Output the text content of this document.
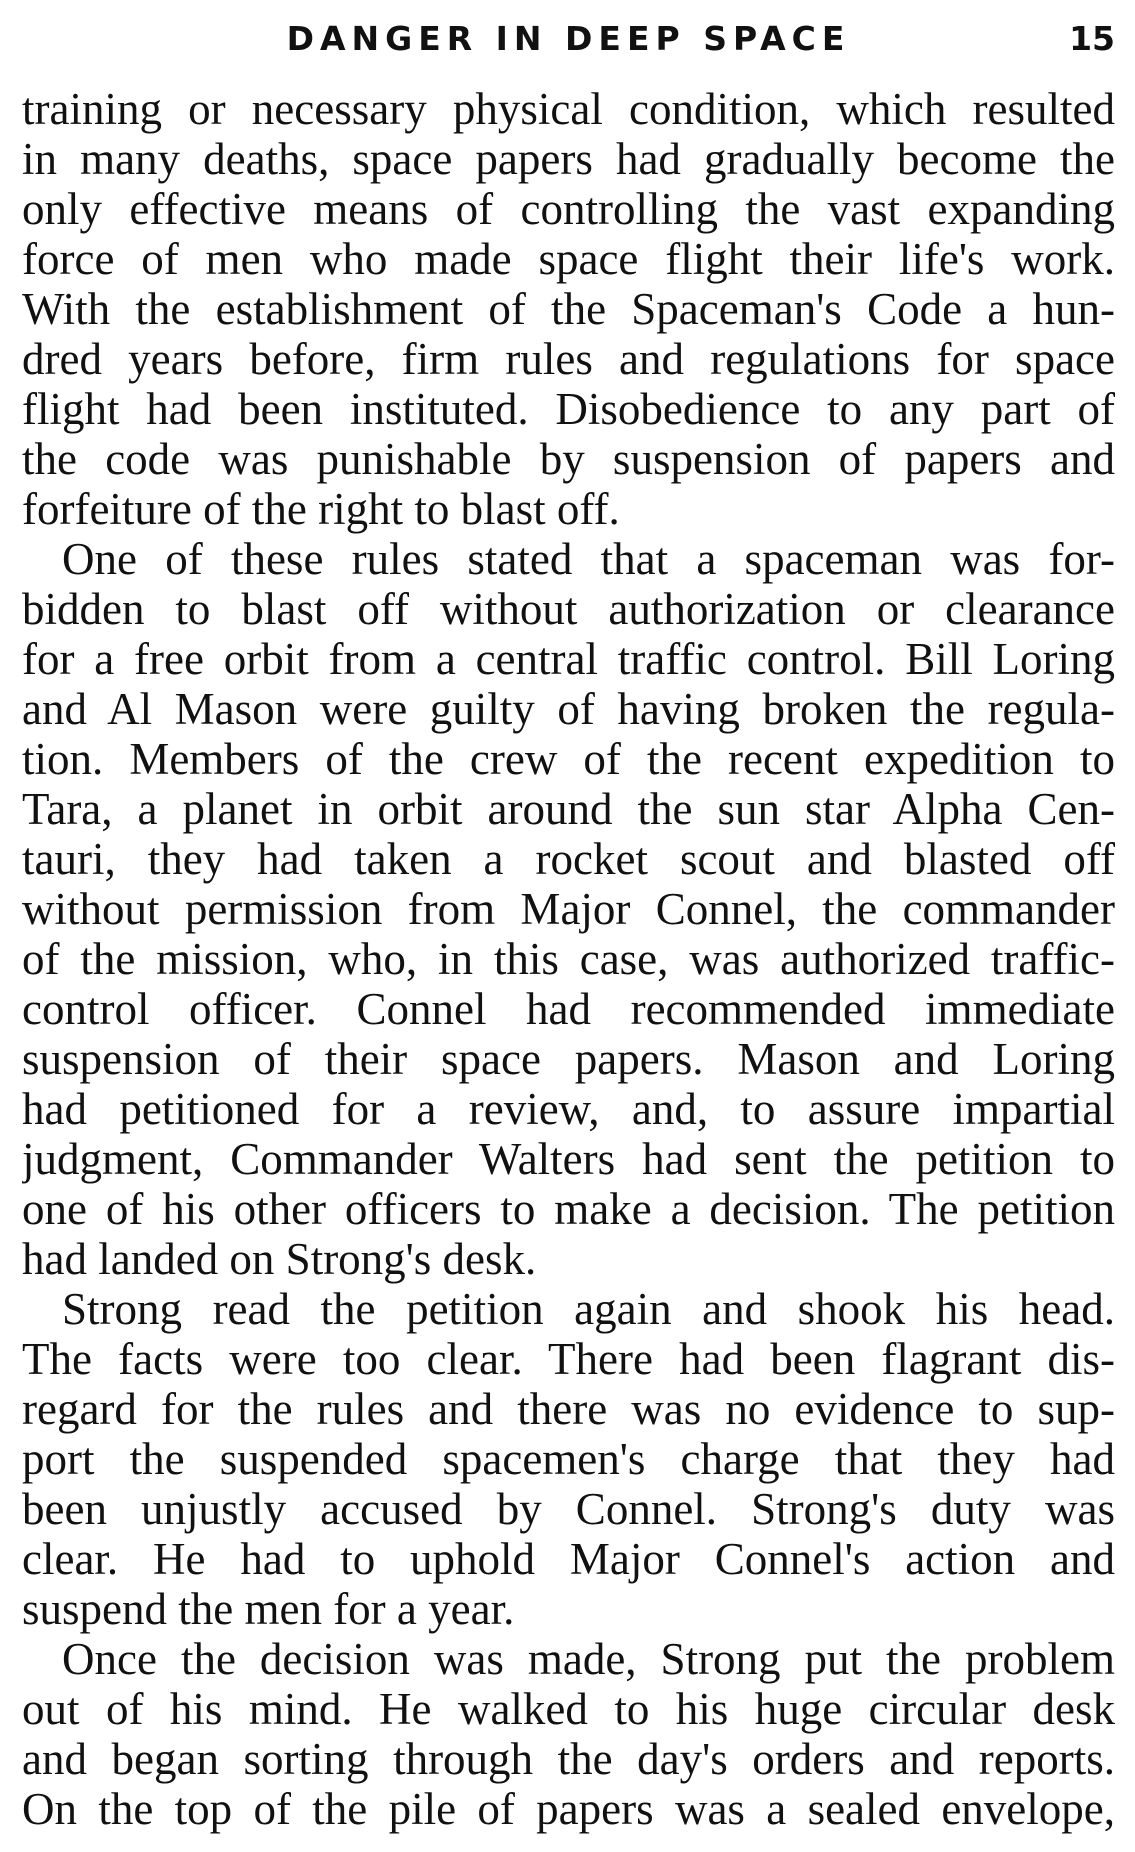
DANGER IN DEEP SPACE	15
training or necessary physical condition, which resulted
in many deaths, space papers had gradually become the
only effective means of controlling the vast expanding
force of men who made space flight their life's work.
With the establishment of the Spaceman's Code a hun-
dred years before, firm rules and regulations for space
flight had been instituted. Disobedience to any part of
the code was punishable by suspension of papers and
forfeiture of the right to blast off.
One of these rules stated that a spaceman was for-
bidden to blast off without authorization or clearance
for a free orbit from a central traffic control. Bill Loring
and Al Mason were guilty of having broken the regula-
tion. Members of the crew of the recent expedition to
Tara, a planet in orbit around the sun star Alpha Cen-
tauri, they had taken a rocket scout and blasted off
without permission from Major Connel, the commander
of the mission, who, in this case, was authorized traffic-
control officer. Connel had recommended immediate
suspension of their space papers. Mason and Loring
had petitioned for a review, and, to assure impartial
judgment, Commander Walters had sent the petition to
one of his other officers to make a decision. The petition
had landed on Strong's desk.
Strong read the petition again and shook his head.
The facts were too clear. There had been flagrant dis-
regard for the rules and there was no evidence to sup-
port the suspended spacemen's charge that they had
been unjustly accused by Connel. Strong's duty was
clear. He had to uphold Major Connel's action and
suspend the men for a year.
Once the decision was made, Strong put the problem
out of his mind. He walked to his huge circular desk
and began sorting through the day's orders and reports.
On the top of the pile of papers was a sealed envelope,
